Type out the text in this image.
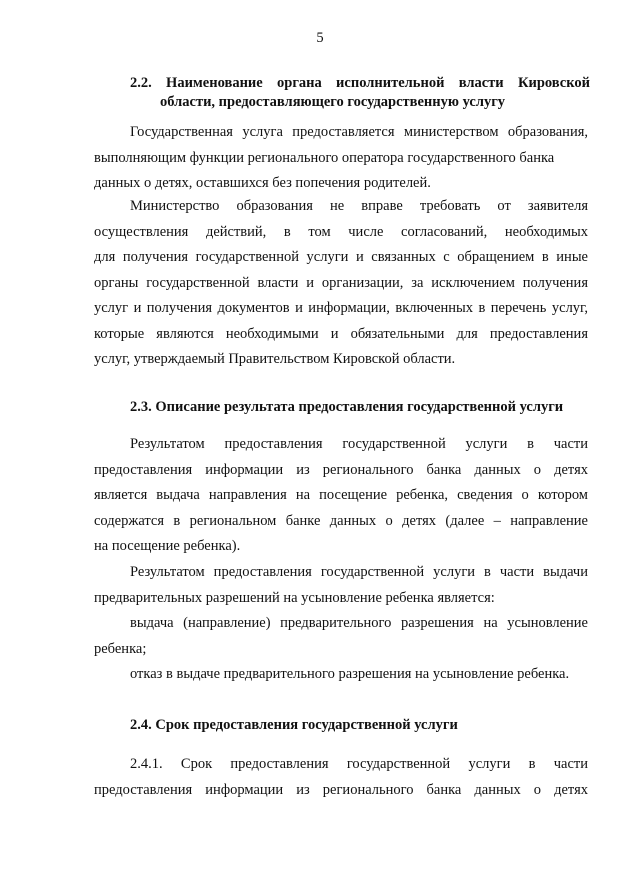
5
2.2. Наименование органа исполнительной власти Кировской
области, предоставляющего государственную услугу
Государственная услуга предоставляется министерством образования,
выполняющим функции регионального оператора государственного банка
данных о детях, оставшихся без попечения родителей.
Министерство образования не вправе требовать от заявителя
осуществления действий, в том числе согласований, необходимых
для получения государственной услуги и связанных с обращением в иные
органы государственной власти и организации, за исключением получения
услуг и получения документов и информации, включенных в перечень услуг,
которые являются необходимыми и обязательными для предоставления
услуг, утверждаемый Правительством Кировской области.
2.3. Описание результата предоставления государственной услуги
Результатом предоставления государственной услуги в части
предоставления информации из регионального банка данных о детях
является выдача направления на посещение ребенка, сведения о котором
содержатся в региональном банке данных о детях (далее – направление
на посещение ребенка).
Результатом предоставления государственной услуги в части выдачи
предварительных разрешений на усыновление ребенка является:
выдача (направление) предварительного разрешения на усыновление
ребенка;
отказ в выдаче предварительного разрешения на усыновление ребенка.
2.4. Срок предоставления государственной услуги
2.4.1. Срок предоставления государственной услуги в части
предоставления информации из регионального банка данных о детях
